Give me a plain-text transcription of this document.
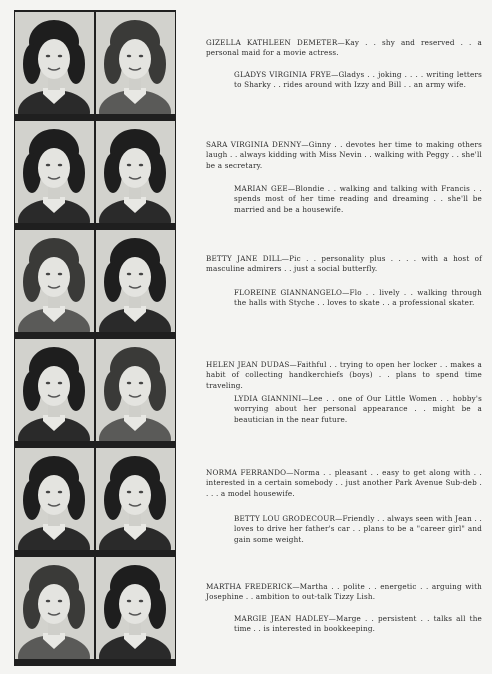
GIZELLA KATHLEEN DEMETER—Kay . . shy and reserved . . a personal maid for a movie actress.

GLADYS VIRGINIA FRYE—Gladys . . joking . . . . writing letters to Sharky . . rides around with Izzy and Bill . . an army wife.

SARA VIRGINIA DENNY—Ginny . . devotes her time to making others laugh . . always kidding with Miss Nevin . . walking with Peggy . . she'll be a secretary.

MARIAN GEE—Blondie . . walking and talking with Francis . . spends most of her time reading and dreaming . . she'll be married and be a housewife.

BETTY JANE DILL—Pic . . personality plus . . . . with a host of masculine admirers . . just a social butterfly.

FLOREINE GIANNANGELO—Flo . . lively . . walking through the halls with Styche . . loves to skate . . a professional skater.

HELEN JEAN DUDAS—Faithful . . trying to open her locker . . makes a habit of collecting handkerchiefs (boys) . . plans to spend time traveling.

LYDIA GIANNINI—Lee . . one of Our Little Women . . hobby's worrying about her personal appearance . . might be a beautician in the near future.

NORMA FERRANDO—Norma . . pleasant . . easy to get along with . . interested in a certain somebody . . just another Park Avenue Sub-deb . . . . a model housewife.

BETTY LOU GRODECOUR—Friendly . . always seen with Jean . . loves to drive her father's car . . plans to be a "career girl" and gain some weight.

MARTHA FREDERICK—Martha . . polite . . energetic . . arguing with Josephine . . ambition to out-talk Tizzy Lish.

MARGIE JEAN HADLEY—Marge . . persistent . . talks all the time . . is interested in bookkeeping.
